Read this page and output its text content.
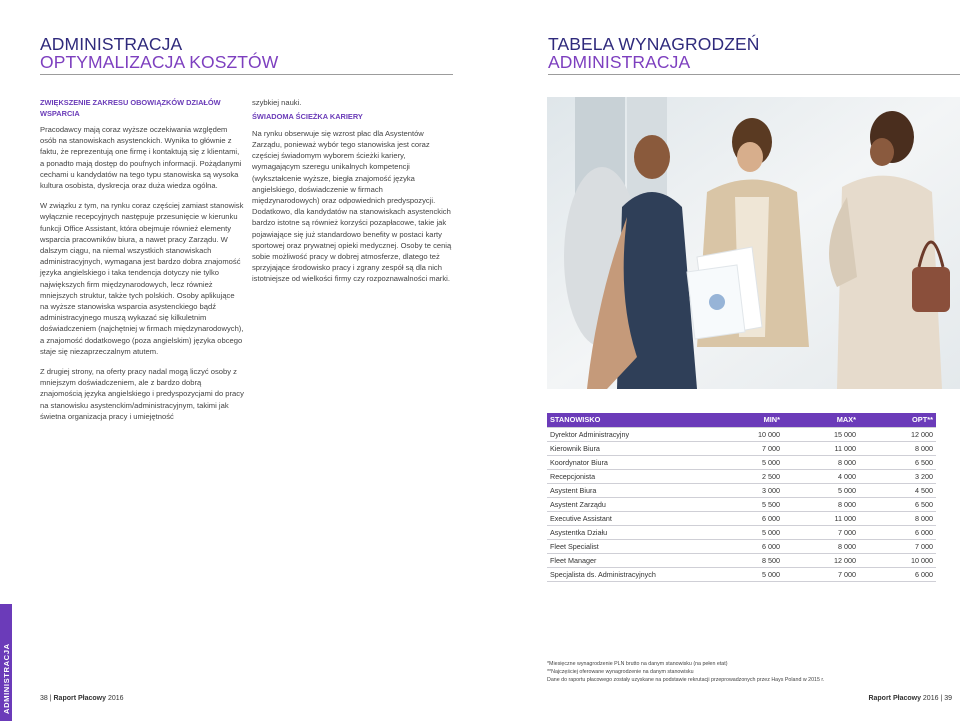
ADMINISTRACJA
OPTYMALIZACJA KOSZTÓW
TABELA WYNAGRODZEŃ
ADMINISTRACJA
ZWIĘKSZENIE ZAKRESU OBOWIĄZKÓW DZIAŁÓW WSPARCIA

Pracodawcy mają coraz wyższe oczekiwania względem osób na stanowiskach asystenckich. Wynika to głównie z faktu, że reprezentują one firmę i kontaktują się z klientami, a ponadto mają dostęp do poufnych informacji. Pożądanymi cechami u kandydatów na tego typu stanowiska są wysoka kultura osobista, dyskrecja oraz duża wiedza ogólna.

W związku z tym, na rynku coraz częściej zamiast stanowisk wyłącznie recepcyjnych następuje przesunięcie w kierunku funkcji Office Assistant, która obejmuje również elementy wsparcia pracowników biura, a nawet pracy Zarządu. W dalszym ciągu, na niemal wszystkich stanowiskach administracyjnych, wymagana jest bardzo dobra znajomość języka angielskiego i taka tendencja dotyczy nie tylko największych firm międzynarodowych, lecz również mniejszych struktur, także tych polskich. Osoby aplikujące na wyższe stanowiska wsparcia asystenckiego bądź administracyjnego muszą wykazać się kilkuletnim doświadczeniem (najchętniej w firmach międzynarodowych), a znajomość dodatkowego (poza angielskim) języka obcego staje się niezaprzeczalnym atutem.

Z drugiej strony, na oferty pracy nadal mogą liczyć osoby z mniejszym doświadczeniem, ale z bardzo dobrą znajomością języka angielskiego i predyspozycjami do pracy na stanowisku asystenckim/administracyjnym, takimi jak świetna organizacja pracy i umiejętność

szybkiej nauki.

ŚWIADOMA ŚCIEŻKA KARIERY

Na rynku obserwuje się wzrost płac dla Asystentów Zarządu, ponieważ wybór tego stanowiska jest coraz częściej świadomym wyborem ścieżki kariery, wymagającym szeregu unikalnych kompetencji (wykształcenie wyższe, biegła znajomość języka angielskiego, doświadczenie w firmach międzynarodowych) oraz odpowiednich predyspozycji. Dodatkowo, dla kandydatów na stanowiskach asystenckich bardzo istotne są również korzyści pozapłacowe, takie jak pojawiające się już standardowo benefity w postaci karty sportowej oraz prywatnej opieki medycznej. Osoby te cenią sobie możliwość pracy w dobrej atmosferze, dlatego też sprzyjające środowisko pracy i zgrany zespół są dla nich istotniejsze od wielkości firmy czy rozpoznawalności marki.

STANOWISKO	MIN*	MAX*	OPT**
Dyrektor Administracyjny	10 000	15 000	12 000
Kierownik Biura	7 000	11 000	8 000
Koordynator Biura	5 000	8 000	6 500
Recepcjonista	2 500	4 000	3 200
Asystent Biura	3 000	5 000	4 500
Asystent Zarządu	5 500	8 000	6 500
Executive Assistant	6 000	11 000	8 000
Asystentka Działu	5 000	7 000	6 000
Fleet Specialist	6 000	8 000	7 000
Fleet Manager	8 500	12 000	10 000
Specjalista ds. Administracyjnych	5 000	7 000	6 000
*Miesięczne wynagrodzenie PLN brutto na danym stanowisku (na pełen etat)
**Najczęściej oferowane wynagrodzenie na danym stanowisku
Dane do raportu płacowego zostały uzyskane na podstawie rekrutacji przeprowadzonych przez Hays Poland w 2015 r.
ADMINISTRACJA	38 | Raport Płacowy 2016	Raport Płacowy 2016 | 39
